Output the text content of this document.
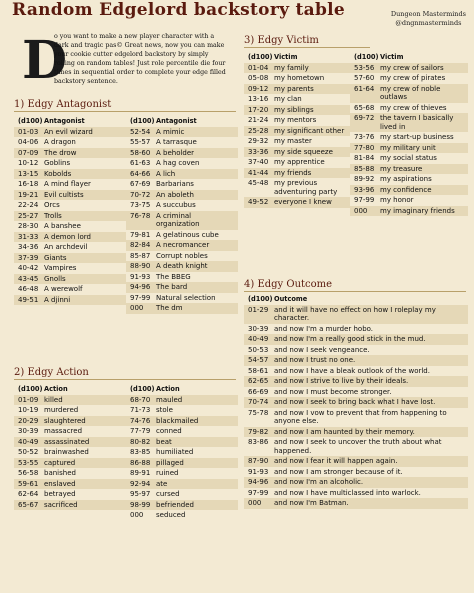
Random Edgelord backstory table	Dungeon Masterminds
@dngnmasterminds
D

o you want to make a new player character with a dark and tragic pas© Great news, now you can make your cookie cutter edgelord backstory by simply rolling on random tables! Just role percentile die four times in sequential order to complete your edge filled backstory sentence.

1) Edgy Antagonist
(d100) Antagonist
01-03 An evil wizard
04-06 A dragon
07-09 The drow
10-12 Goblins
13-15 Kobolds
16-18 A mind flayer
19-21 Evil cultists
22-24 Orcs
25-27 Trolls
28-30 A banshee
31-33 A demon lord
34-36 An archdevil
37-39 Giants
40-42 Vampires
43-45 Gnolls
46-48 A werewolf
49-51 A djinni
(d100) Antagonist
52-54 A mimic
55-57 A tarrasque
58-60 A beholder
61-63 A hag coven
64-66 A lich
67-69 Barbarians
70-72 An aboleth
73-75 A succubus
76-78 A criminal organization
79-81 A gelatinous cube
82-84 A necromancer
85-87 Corrupt nobles
88-90 A death knight
91-93 The BBEG
94-96 The bard
97-99 Natural selection
000	The dm
2) Edgy Action
(d100) Action
01-09 killed
10-19 murdered
20-29 slaughtered
30-39 massacred
40-49 assassinated
50-52 brainwashed
53-55 captured
56-58 banished
59-61 enslaved
62-64 betrayed
65-67 sacrificed
(d100) Action
68-70 mauled
71-73 stole
74-76 blackmailed
77-79 conned
80-82 beat
83-85 humiliated
86-88 pillaged
89-91 ruined
92-94 ate
95-97 cursed
98-99 befriended
000	seduced
3) Edgy Victim
(d100) Victim
01-04 my family
05-08 my hometown
09-12 my parents
13-16 my clan
17-20 my siblings
21-24 my mentors
25-28 my significant other
29-32 my master
33-36 my side squeeze
37-40 my apprentice
41-44 my friends
45-48 my previous adventuring party
49-52 everyone I knew
(d100) Victim
53-56 my crew of sailors
57-60 my crew of pirates
61-64 my crew of noble outlaws
65-68 my crew of thieves
69-72 the tavern I basically lived in
73-76 my start-up business
77-80 my military unit
81-84 my social status
85-88 my treasure
89-92 my aspirations
93-96 my confidence
97-99 my honor
000	my imaginary friends
4) Edgy Outcome
(d100) Outcome
01-29 and it will have no effect on how I roleplay my character.
30-39 and now I'm a murder hobo.
40-49 and now I'm a really good stick in the mud.
50-53 and now I seek vengeance.
54-57 and now I trust no one.
58-61 and now I have a bleak outlook of the world.
62-65 and now I strive to live by their ideals.
66-69 and now I must become stronger.
70-74 and now I seek to bring back what I have lost.
75-78 and now I vow to prevent that from happening to anyone else.
79-82 and now I am haunted by their memory.
83-86 and now I seek to uncover the truth about what happened.
87-90 and now I fear it will happen again.
91-93 and now I am stronger because of it.
94-96 and now I'm an alcoholic.
97-99 and now I have multiclassed into warlock.
000	and now I'm Batman.
